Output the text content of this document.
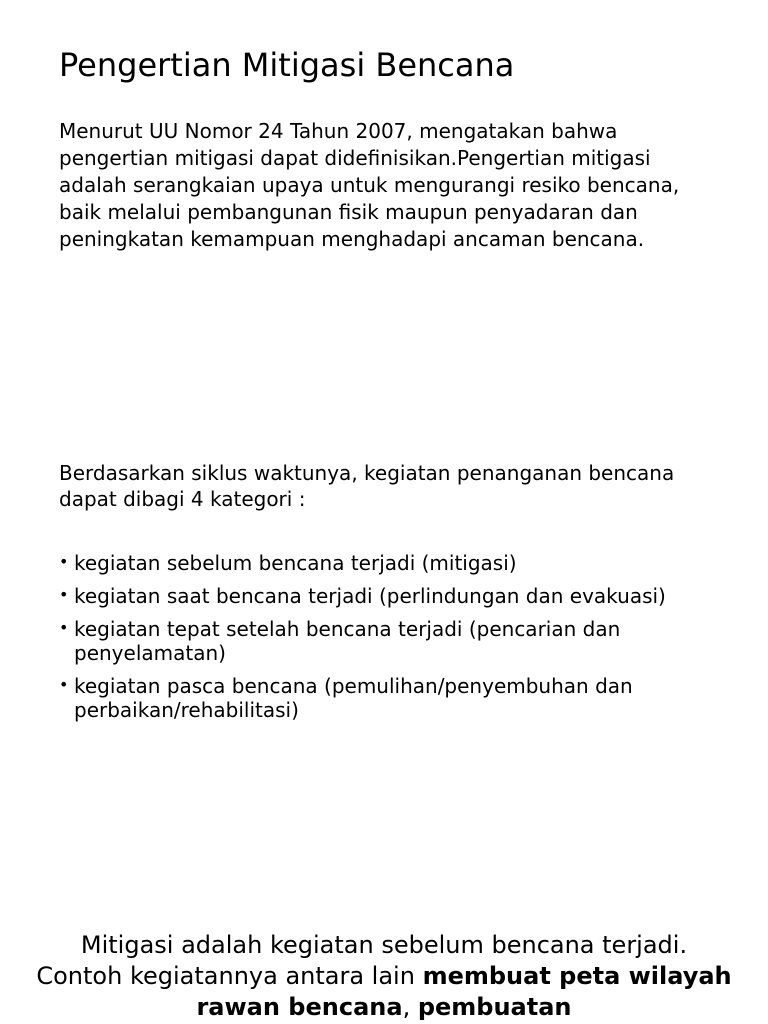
Pengertian Mitigasi Bencana

Menurut UU Nomor 24 Tahun 2007, mengatakan bahwa pengertian mitigasi dapat didefinisikan.Pengertian mitigasi adalah serangkaian upaya untuk mengurangi resiko bencana, baik melalui pembangunan fisik maupun penyadaran dan peningkatan kemampuan menghadapi ancaman bencana.

Berdasarkan siklus waktunya, kegiatan penanganan bencana dapat dibagi 4 kategori :

• kegiatan sebelum bencana terjadi (mitigasi)
• kegiatan saat bencana terjadi (perlindungan dan evakuasi)
• kegiatan tepat setelah bencana terjadi (pencarian dan penyelamatan)
• kegiatan pasca bencana (pemulihan/penyembuhan dan perbaikan/rehabilitasi)

Mitigasi adalah kegiatan sebelum bencana terjadi.
Contoh kegiatannya antara lain membuat peta wilayah rawan bencana, pembuatan
